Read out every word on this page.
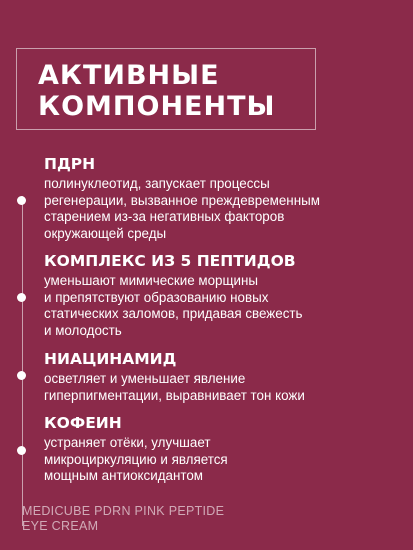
АКТИВНЫЕ
КОМПОНЕНТЫ
ПДРН
полинуклеотид, запускает процессы
регенерации, вызванное преждевременным
старением из-за негативных факторов
окружающей среды
КОМПЛЕКС ИЗ 5 ПЕПТИДОВ
уменьшают мимические морщины
и препятствуют образованию новых
статических заломов, придавая свежесть
и молодость
НИАЦИНАМИД
осветляет и уменьшает явление
гиперпигментации, выравнивает тон кожи
КОФЕИН
устраняет отёки, улучшает
микроциркуляцию и является
мощным антиоксидантом
MEDICUBE PDRN PINK PEPTIDE
EYE CREAM
